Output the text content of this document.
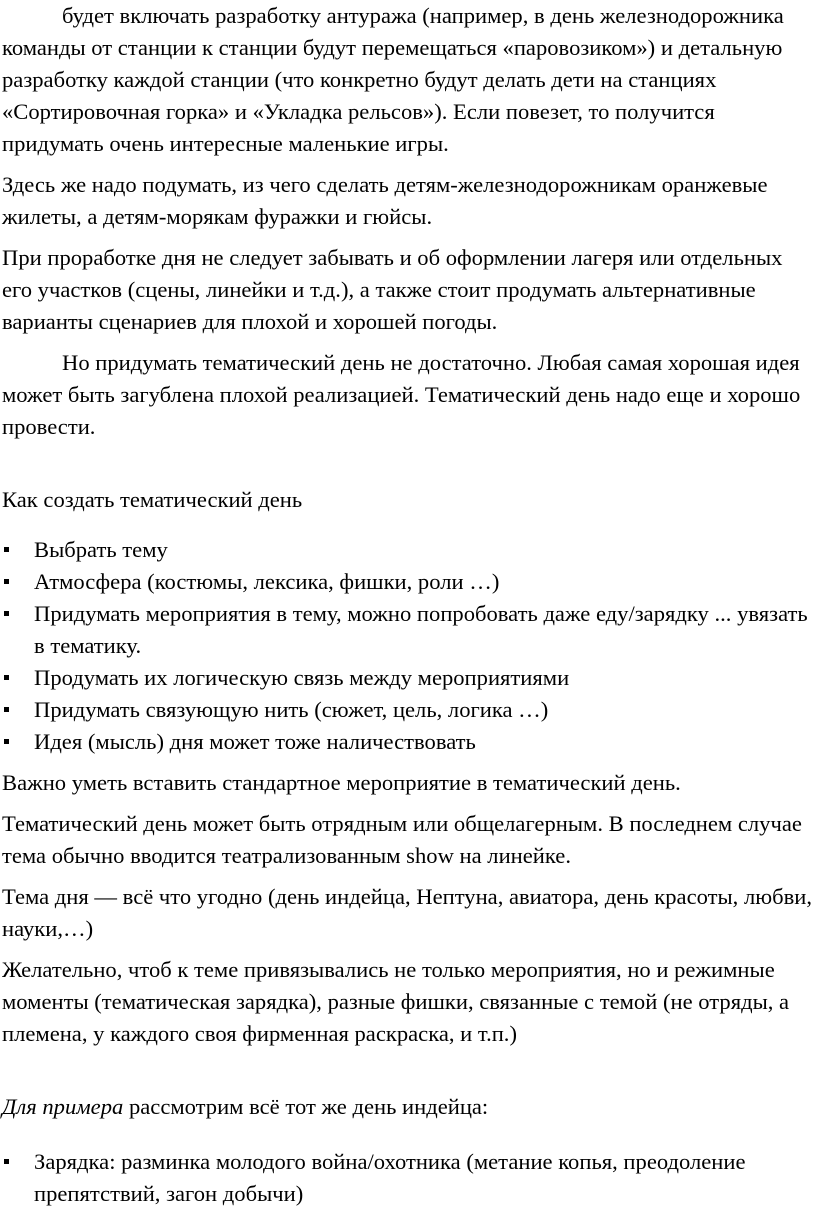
будет включать разработку антуража (например, в день железнодорожника команды от станции к станции будут перемещаться «паровозиком») и детальную разработку каждой станции (что конкретно будут делать дети на станциях «Сортировочная горка» и «Укладка рельсов»). Если повезет, то получится придумать очень интересные маленькие игры.

Здесь же надо подумать, из чего сделать детям-железнодорожникам оранжевые жилеты, а детям-морякам фуражки и гюйсы.

При проработке дня не следует забывать и об оформлении лагеря или отдельных его участков (сцены, линейки и т.д.), а также стоит продумать альтернативные варианты сценариев для плохой и хорошей погоды.

Но придумать тематический день не достаточно. Любая самая хорошая идея может быть загублена плохой реализацией. Тематический день надо еще и хорошо провести.

Как создать тематический день

Выбрать тему
Атмосфера (костюмы, лексика, фишки, роли …)
Придумать мероприятия в тему, можно попробовать даже еду/зарядку ... увязать в тематику.
Продумать их логическую связь между мероприятиями
Придумать связующую нить (сюжет, цель, логика …)
Идея (мысль) дня может тоже наличествовать

Важно уметь вставить стандартное мероприятие в тематический день.

Тематический день может быть отрядным или общелагерным. В последнем случае тема обычно вводится театрализованным show на линейке.

Тема дня — всё что угодно (день индейца, Нептуна, авиатора, день красоты, любви, науки,…)

Желательно, чтоб к теме привязывались не только мероприятия, но и режимные моменты (тематическая зарядка), разные фишки, связанные с темой (не отряды, а племена, у каждого своя фирменная раскраска, и т.п.)

Для примера рассмотрим всё тот же день индейца:

Зарядка: разминка молодого война/охотника (метание копья, преодоление препятствий, загон добычи)
